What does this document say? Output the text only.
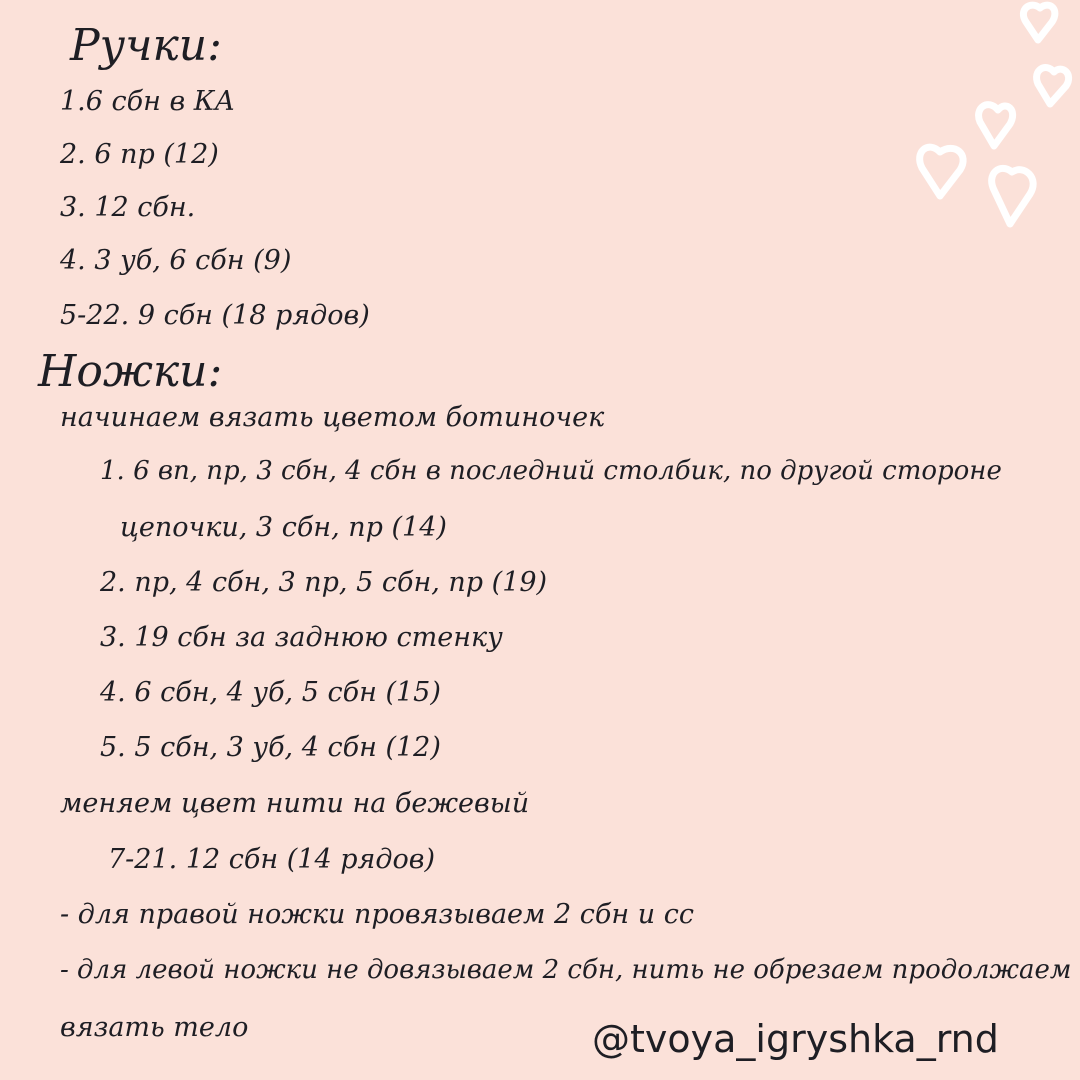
Ручки:
1.6 сбн в КА
2. 6 пр (12)
3. 12 сбн.
4. 3 уб, 6 сбн (9)
5-22. 9 сбн (18 рядов)
Ножки:
начинаем вязать цветом ботиночек
1. 6 вп, пр, 3 сбн, 4 сбн в последний столбик, по другой стороне
цепочки, 3 сбн, пр (14)
2. пр, 4 сбн, 3 пр, 5 сбн, пр (19)
3. 19 сбн за заднюю стенку
4. 6 сбн, 4 уб, 5 сбн (15)
5. 5 сбн, 3 уб, 4 сбн (12)
меняем цвет нити на бежевый
7-21. 12 сбн (14 рядов)
- для правой ножки провязываем 2 сбн и сс
- для левой ножки не довязываем 2 сбн, нить не обрезаем продолжаем
вязать тело	@tvoya_igryshka_rnd
